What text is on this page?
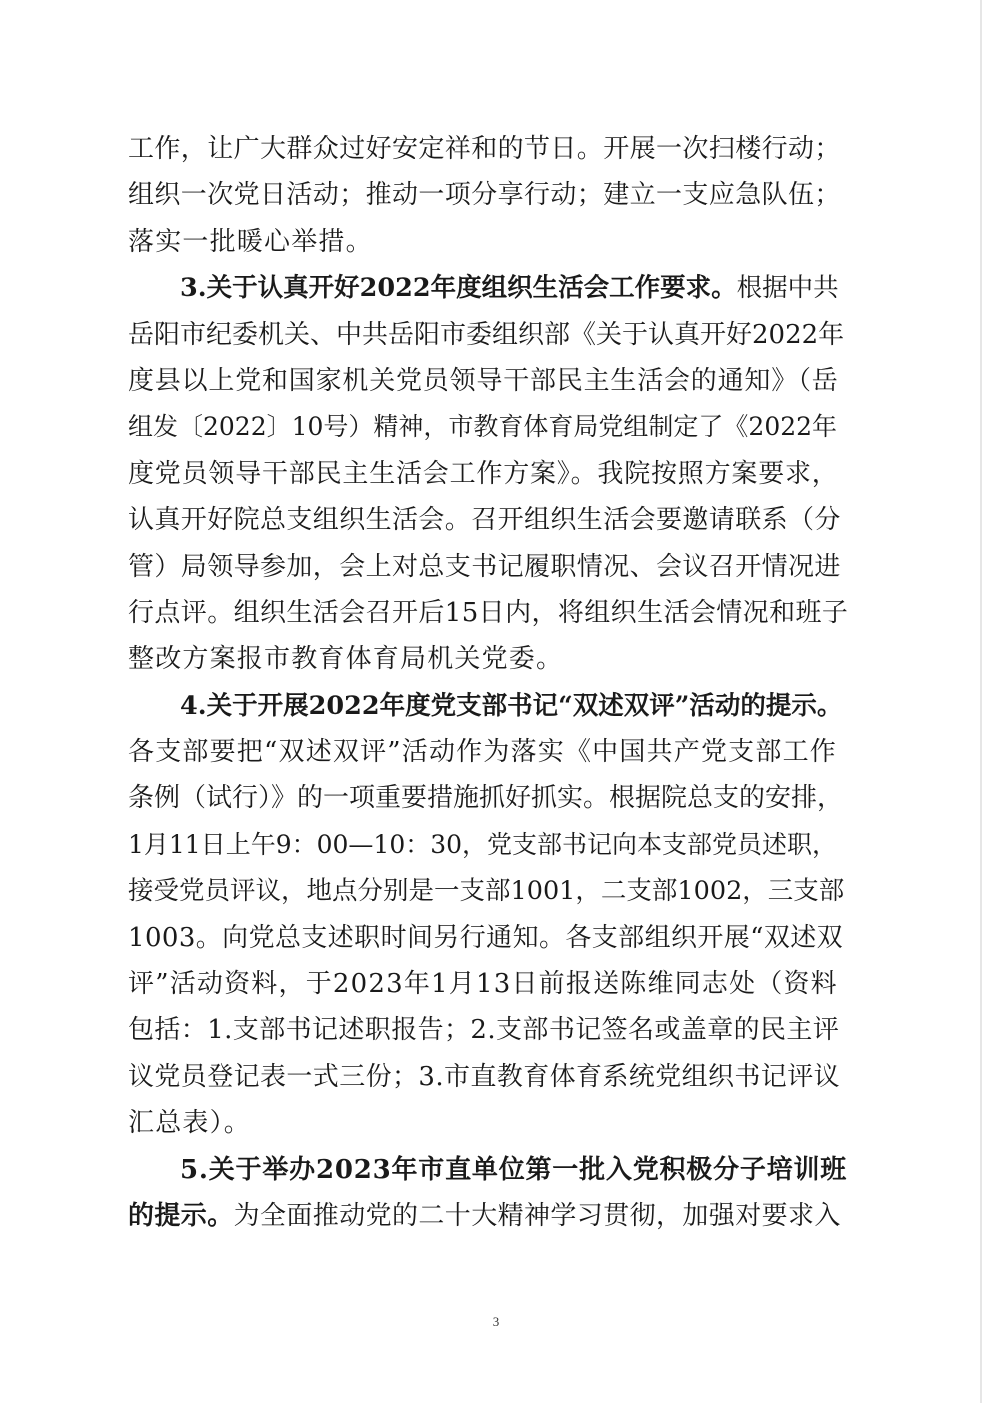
工作，让广大群众过好安定祥和的节日。开展一次扫楼行动；
组织一次党日活动；推动一项分享行动；建立一支应急队伍；
落实一批暖心举措。
3.关于认真开好2022年度组织生活会工作要求。根据中共
岳阳市纪委机关、中共岳阳市委组织部《关于认真开好2022年
度县以上党和国家机关党员领导干部民主生活会的通知》（岳
组发〔2022〕10号）精神，市教育体育局党组制定了《2022年
度党员领导干部民主生活会工作方案》。我院按照方案要求，
认真开好院总支组织生活会。召开组织生活会要邀请联系（分
管）局领导参加，会上对总支书记履职情况、会议召开情况进
行点评。组织生活会召开后15日内，将组织生活会情况和班子
整改方案报市教育体育局机关党委。
4.关于开展2022年度党支部书记“双述双评”活动的提示。
各支部要把“双述双评”活动作为落实《中国共产党支部工作
条例（试行）》的一项重要措施抓好抓实。根据院总支的安排，
1月11日上午9：00—10：30，党支部书记向本支部党员述职，
接受党员评议，地点分别是一支部1001，二支部1002，三支部
1003。向党总支述职时间另行通知。各支部组织开展“双述双
评”活动资料，于2023年1月13日前报送陈维同志处（资料
包括：1.支部书记述职报告；2.支部书记签名或盖章的民主评
议党员登记表一式三份；3.市直教育体育系统党组织书记评议
汇总表）。
5.关于举办2023年市直单位第一批入党积极分子培训班
的提示。为全面推动党的二十大精神学习贯彻，加强对要求入
3
